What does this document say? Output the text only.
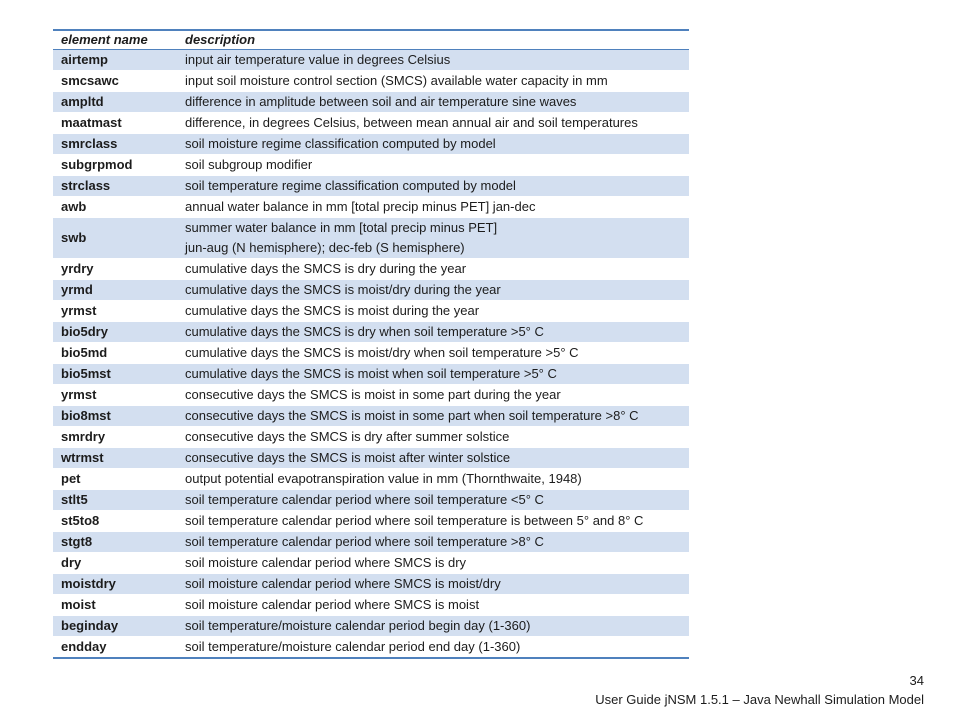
element name	description
airtemp	input air temperature value in degrees Celsius
smcsawc	input soil moisture control section (SMCS) available water capacity in mm
ampltd	difference in amplitude between soil and air temperature sine waves
maatmast	difference, in degrees Celsius, between mean annual air and soil temperatures
smrclass	soil moisture regime classification computed by model
subgrpmod	soil subgroup modifier
strclass	soil temperature regime classification computed by model
awb	annual water balance in mm [total precip minus PET] jan-dec
swb	summer water balance in mm [total precip minus PET]
jun-aug (N hemisphere); dec-feb (S hemisphere)
yrdry	cumulative days the SMCS is dry during the year
yrmd	cumulative days the SMCS is moist/dry during the year
yrmst	cumulative days the SMCS is moist during the year
bio5dry	cumulative days the SMCS is dry when soil temperature >5° C
bio5md	cumulative days the SMCS is moist/dry when soil temperature >5° C
bio5mst	cumulative days the SMCS is moist when soil temperature >5° C
yrmst	consecutive days the SMCS is moist in some part during the year
bio8mst	consecutive days the SMCS is moist in some part when soil temperature >8° C
smrdry	consecutive days the SMCS is dry after summer solstice
wtrmst	consecutive days the SMCS is moist after winter solstice
pet	output potential evapotranspiration value in mm (Thornthwaite, 1948)
stlt5	soil temperature calendar period where soil temperature <5° C
st5to8	soil temperature calendar period where soil temperature is between 5° and 8° C
stgt8	soil temperature calendar period where soil temperature >8° C
dry	soil moisture calendar period where SMCS is dry
moistdry	soil moisture calendar period where SMCS is moist/dry
moist	soil moisture calendar period where SMCS is moist
beginday	soil temperature/moisture calendar period begin day (1-360)
endday	soil temperature/moisture calendar period end day (1-360)
34
User Guide jNSM 1.5.1 – Java Newhall Simulation Model
